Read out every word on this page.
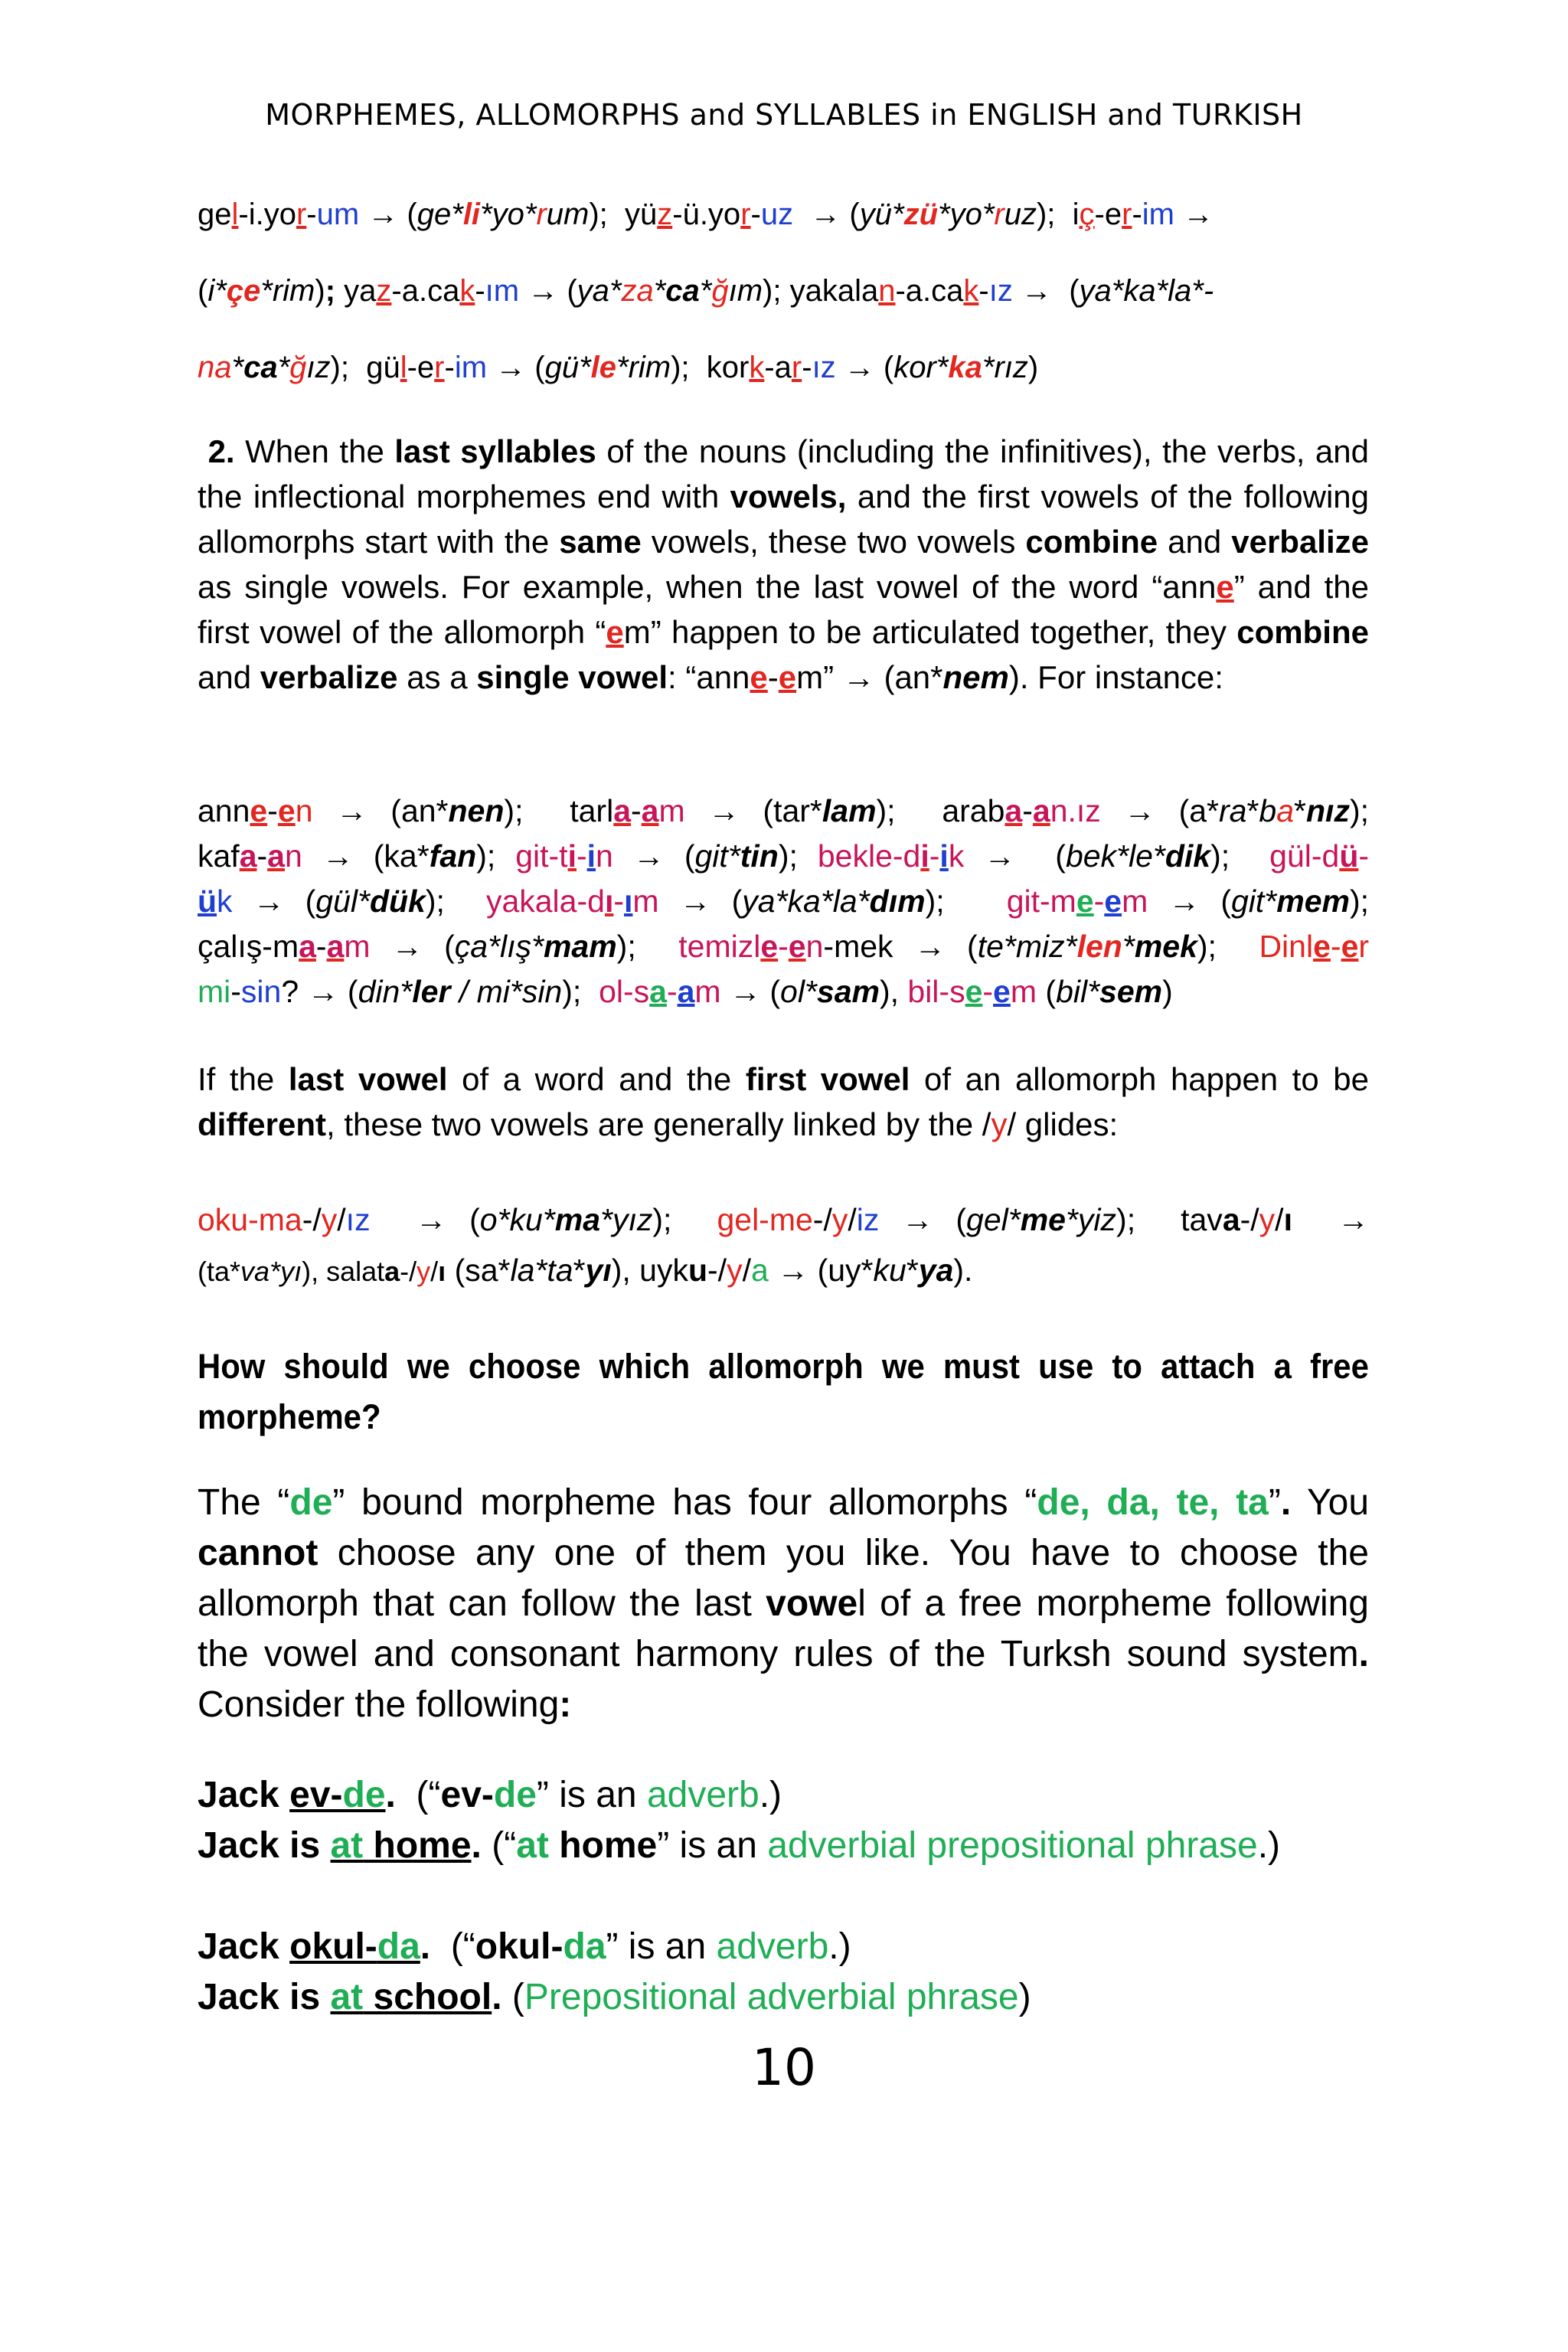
MORPHEMES, ALLOMORPHS and SYLLABLES in ENGLISH and TURKISH
gel-i.yor-um → (ge*li*yo*rum);  yüz-ü.yor-uz  → (yü*zü*yo*ruz);  iç-er-im →
(i*çe*rim); yaz-a.cak-ım → (ya*za*ca*ğım); yakalan-a.cak-ız →  (ya*ka*la*-
na*ca*ğız);  gül-er-im → (gü*le*rim);  kork-ar-ız → (kor*ka*rız)
2. When the last syllables of the nouns (including the infinitives), the verbs, and the inflectional morphemes end with vowels, and the first vowels of the following allomorphs start with the same vowels, these two vowels combine and verbalize as single vowels. For example, when the last vowel of the word “anne” and the first vowel of the allomorph “em” happen to be articulated together, they combine and verbalize as a single vowel: “anne-em” → (an*nem). For instance:
anne-en → (an*nen);  tarla-am → (tar*lam);  araba-an.ız → (a*ra*ba*nız);
kafa-an → (ka*fan); git-ti-in → (git*tin); bekle-di-ik →  (bek*le*dik);  gül-dü-
ük → (gül*dük);  yakala-dı-ım → (ya*ka*la*dım);   git-me-em → (git*mem);
çalış-ma-am → (ça*lış*mam);  temizle-en-mek → (te*miz*len*mek);  Dinle-er
mi-sin? → (din*ler / mi*sin);  ol-sa-am → (ol*sam), bil-se-em (bil*sem)
If the last vowel of a word and the first vowel of an allomorph happen to be different, these two vowels are generally linked by the /y/ glides:
oku-ma-/y/ız  → (o*ku*ma*yız);  gel-me-/y/iz → (gel*me*yiz);  tava-/y/ı  →
(ta*va*yı), salata-/y/ı (sa*la*ta*yı), uyku-/y/a → (uy*ku*ya).
How should we choose which allomorph we must use to attach a free morpheme?
The “de” bound morpheme has four allomorphs “de, da, te, ta”. You cannot choose any one of them you like. You have to choose the allomorph that can follow the last vowel of a free morpheme following the vowel and consonant harmony rules of the Turksh sound system. Consider the following:
Jack ev-de.  (“ev-de” is an adverb.)
Jack is at home. (“at home” is an adverbial prepositional phrase.)
Jack okul-da.  (“okul-da” is an adverb.)
Jack is at school. (Prepositional adverbial phrase)
10
